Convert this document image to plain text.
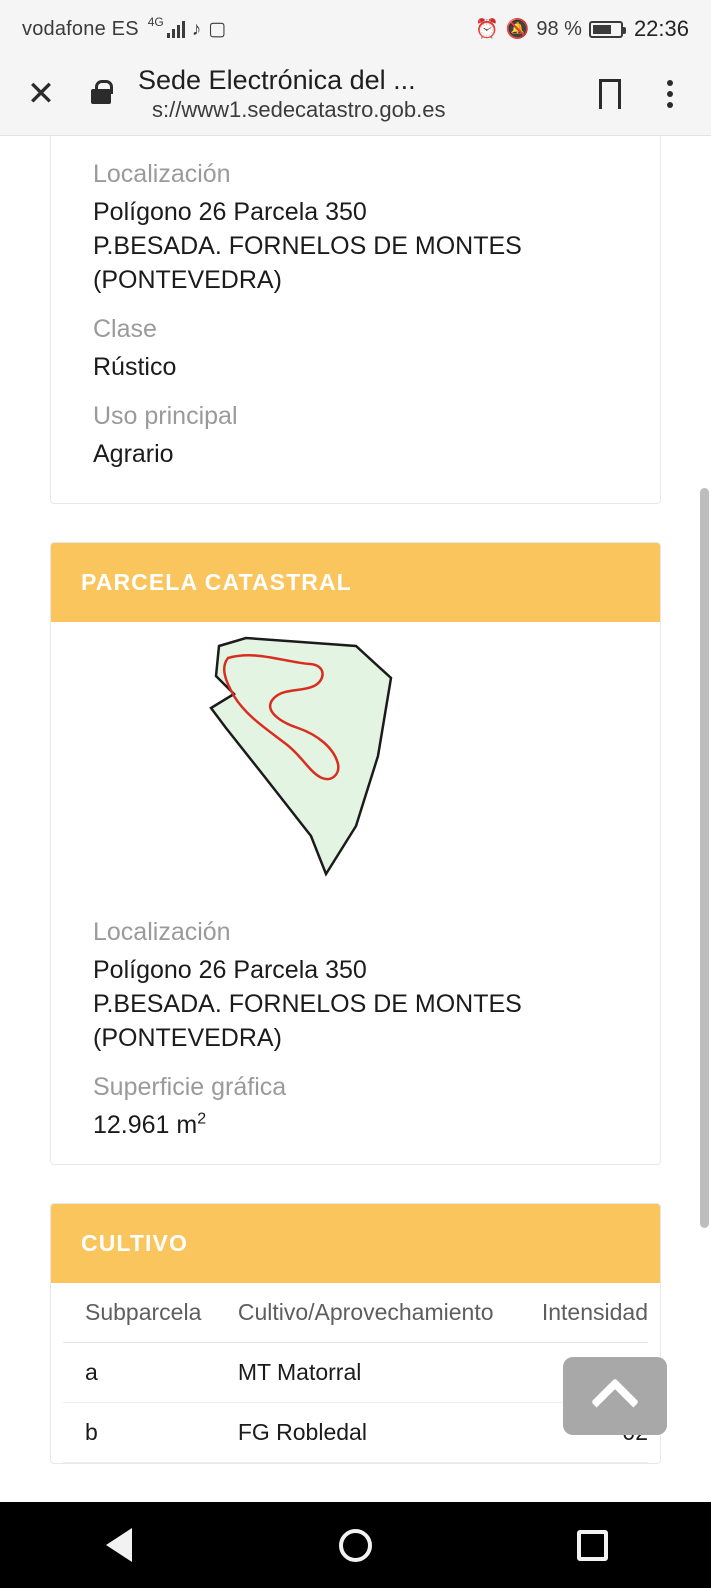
vodafone ES 4G ♪ ▢	⏰ 🔕 98 % 22:36
✕	Sede Electrónica del ...
s://www1.sedecatastro.gob.es
Localización
Polígono 26 Parcela 350
P.BESADA. FORNELOS DE MONTES
(PONTEVEDRA)
Clase
Rústico
Uso principal
Agrario
PARCELA CATASTRAL
Localización
Polígono 26 Parcela 350
P.BESADA. FORNELOS DE MONTES
(PONTEVEDRA)
Superficie gráfica
12.961 $m^2$
CULTIVO
Subparcela	Cultivo/Aprovechamiento	Intensidad
a	MT Matorral	
b	FG Robledal	
